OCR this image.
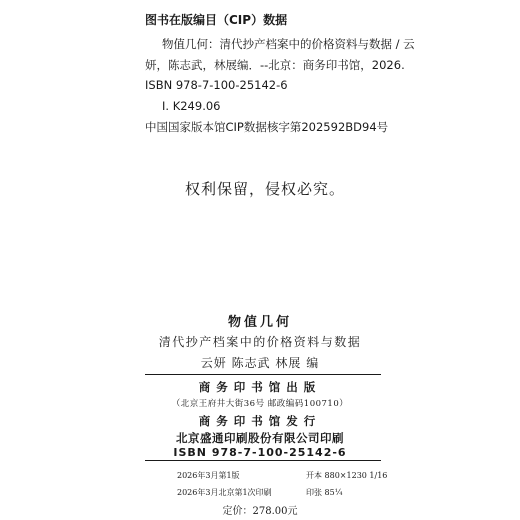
图书在版编目（CIP）数据
物值几何：清代抄产档案中的价格资料与数据 / 云
妍，陈志武，林展编．--北京：商务印书馆，2026.
ISBN 978-7-100-25142-6
Ⅰ. K249.06
中国国家版本馆CIP数据核字第202592BD94号
权利保留，侵权必究。
物值几何
清代抄产档案中的价格资料与数据
云妍 陈志武 林展 编
商务印书馆出版
（北京王府井大街36号 邮政编码100710）
商务印书馆发行
北京盛通印刷股份有限公司印刷
ISBN 978-7-100-25142-6
2026年3月第1版	开本 880×1230 1/16
2026年3月北京第1次印刷	印张 85¼
定价：278.00元
